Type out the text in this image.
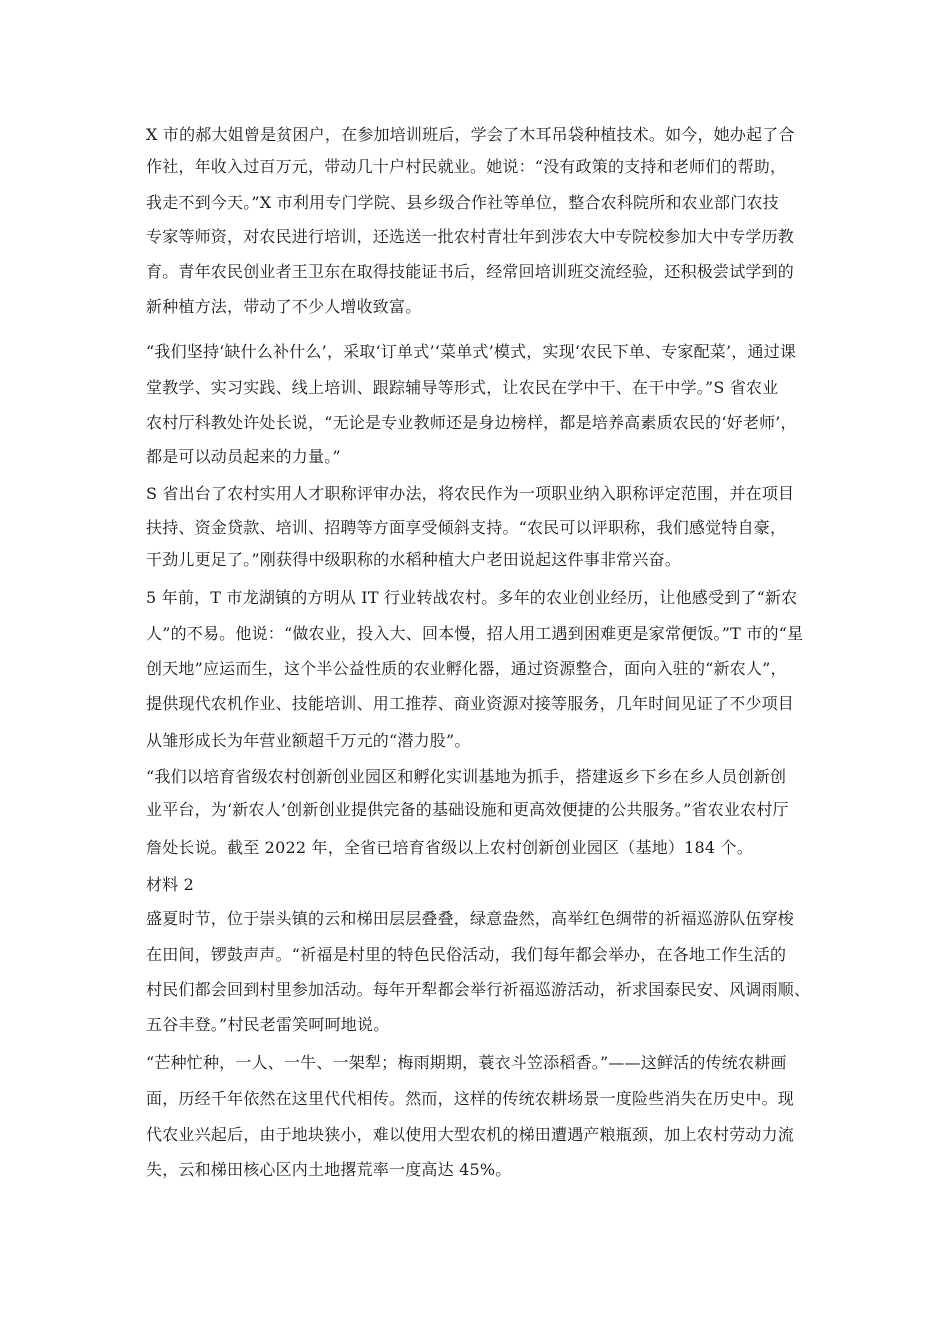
X 市的郝大姐曾是贫困户，在参加培训班后，学会了木耳吊袋种植技术。如今，她办起了合
作社，年收入过百万元，带动几十户村民就业。她说：“没有政策的支持和老师们的帮助，
我走不到今天。”X 市利用专门学院、县乡级合作社等单位，整合农科院所和农业部门农技
专家等师资，对农民进行培训，还选送一批农村青壮年到涉农大中专院校参加大中专学历教
育。青年农民创业者王卫东在取得技能证书后，经常回培训班交流经验，还积极尝试学到的
新种植方法，带动了不少人增收致富。
“我们坚持‘缺什么补什么’，采取‘订单式’‘菜单式’模式，实现‘农民下单、专家配菜’，通过课
堂教学、实习实践、线上培训、跟踪辅导等形式，让农民在学中干、在干中学。”S 省农业
农村厅科教处许处长说，“无论是专业教师还是身边榜样，都是培养高素质农民的‘好老师’，
都是可以动员起来的力量。”
S 省出台了农村实用人才职称评审办法，将农民作为一项职业纳入职称评定范围，并在项目
扶持、资金贷款、培训、招聘等方面享受倾斜支持。“农民可以评职称，我们感觉特自豪，
干劲儿更足了。”刚获得中级职称的水稻种植大户老田说起这件事非常兴奋。
5 年前，T 市龙湖镇的方明从 IT 行业转战农村。多年的农业创业经历，让他感受到了“新农
人”的不易。他说：“做农业，投入大、回本慢，招人用工遇到困难更是家常便饭。”T 市的“星
创天地”应运而生，这个半公益性质的农业孵化器，通过资源整合，面向入驻的“新农人”，
提供现代农机作业、技能培训、用工推荐、商业资源对接等服务，几年时间见证了不少项目
从雏形成长为年营业额超千万元的“潜力股”。
“我们以培育省级农村创新创业园区和孵化实训基地为抓手，搭建返乡下乡在乡人员创新创
业平台，为‘新农人’创新创业提供完备的基础设施和更高效便捷的公共服务。”省农业农村厅
詹处长说。截至 2022 年，全省已培育省级以上农村创新创业园区（基地）184 个。
材料 2
盛夏时节，位于崇头镇的云和梯田层层叠叠，绿意盎然，高举红色绸带的祈福巡游队伍穿梭
在田间，锣鼓声声。“祈福是村里的特色民俗活动，我们每年都会举办，在各地工作生活的
村民们都会回到村里参加活动。每年开犁都会举行祈福巡游活动，祈求国泰民安、风调雨顺、
五谷丰登。”村民老雷笑呵呵地说。
“芒种忙种，一人、一牛、一架犁；梅雨期期，蓑衣斗笠添稻香。”——这鲜活的传统农耕画
面，历经千年依然在这里代代相传。然而，这样的传统农耕场景一度险些消失在历史中。现
代农业兴起后，由于地块狭小，难以使用大型农机的梯田遭遇产粮瓶颈，加上农村劳动力流
失，云和梯田核心区内土地撂荒率一度高达 45%。
